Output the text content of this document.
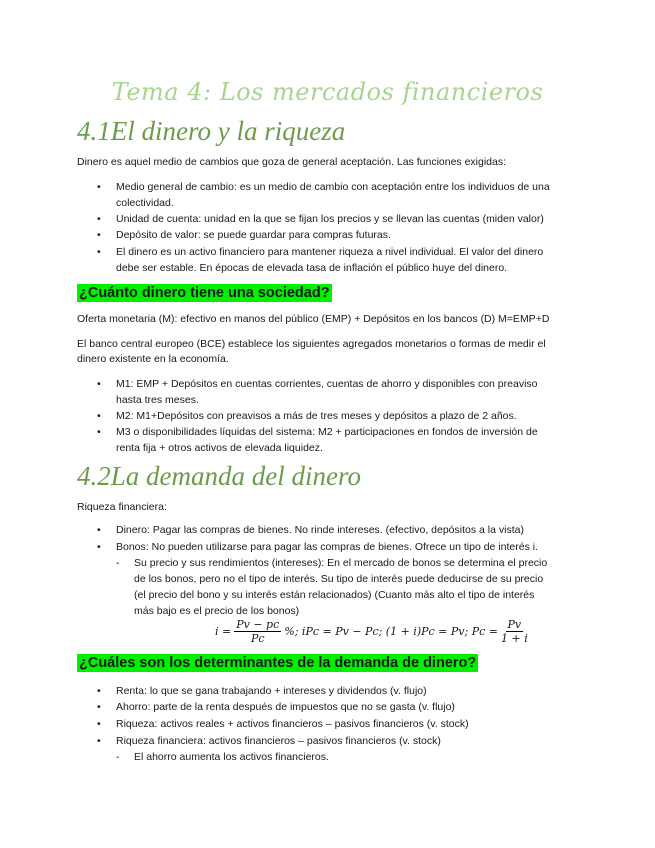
Tema 4: Los mercados financieros
4.1El dinero y la riqueza
Dinero es aquel medio de cambios que goza de general aceptación. Las funciones exigidas:
• Medio general de cambio: es un medio de cambio con aceptación entre los individuos de una colectividad.
• Unidad de cuenta: unidad en la que se fijan los precios y se llevan las cuentas (miden valor)
• Depósito de valor: se puede guardar para compras futuras.
• El dinero es un activo financiero para mantener riqueza a nivel individual. El valor del dinero debe ser estable. En épocas de elevada tasa de inflación el público huye del dinero.
¿Cuánto dinero tiene una sociedad?
Oferta monetaria (M): efectivo en manos del público (EMP) + Depósitos en los bancos (D) M=EMP+D
El banco central europeo (BCE) establece los siguientes agregados monetarios o formas de medir el dinero existente en la economía.
• M1: EMP + Depósitos en cuentas corrientes, cuentas de ahorro y disponibles con preaviso hasta tres meses.
• M2: M1+Depósitos con preavisos a más de tres meses y depósitos a plazo de 2 años.
• M3 o disponibilidades líquidas del sistema: M2 + participaciones en fondos de inversión de renta fija + otros activos de elevada liquidez.
4.2La demanda del dinero
Riqueza financiera:
• Dinero: Pagar las compras de bienes. No rinde intereses. (efectivo, depósitos a la vista)
• Bonos: No pueden utilizarse para pagar las compras de bienes. Ofrece un tipo de interés i.
- Su precio y sus rendimientos (intereses): En el mercado de bonos se determina el precio de los bonos, pero no el tipo de interés. Su tipo de interés puede deducirse de su precio (el precio del bono y su interés están relacionados) (Cuanto más alto el tipo de interés más bajo es el precio de los bonos)
$i = \frac{Pv - pc}{Pc}$ %; iPc = Pv − Pc; (1 + i)Pc = Pv; $Pc = \frac{Pv}{1 + i}$
¿Cuáles son los determinantes de la demanda de dinero?
• Renta: lo que se gana trabajando + intereses y dividendos (v. flujo)
• Ahorro: parte de la renta después de impuestos que no se gasta (v. flujo)
• Riqueza: activos reales + activos financieros – pasivos financieros (v. stock)
• Riqueza financiera: activos financieros – pasivos financieros (v. stock)
- El ahorro aumenta los activos financieros.
